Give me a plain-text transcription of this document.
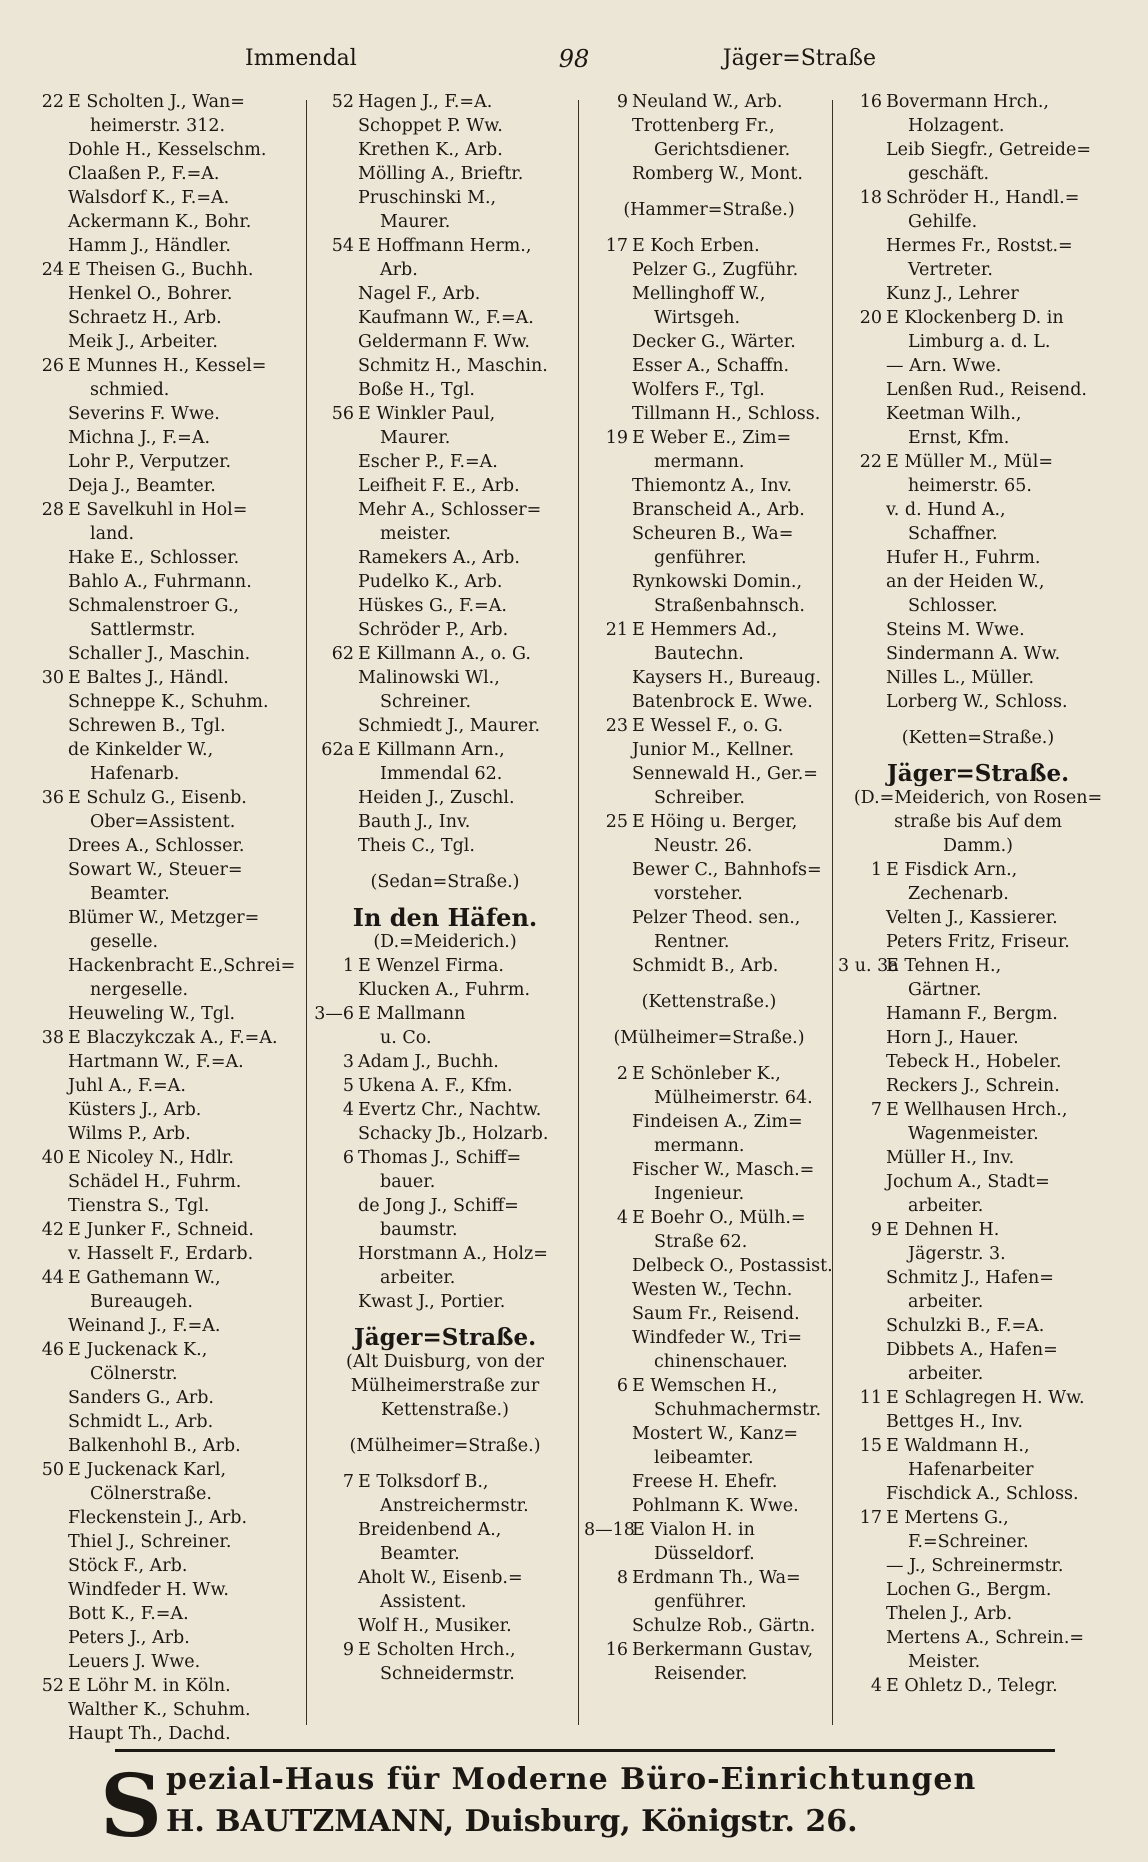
Immendal	98	Jäger=Straße
22 E Scholten J., Wan=
heimerstr. 312.
Dohle H., Kesselschm.
Claaßen P., F.=A.
Walsdorf K., F.=A.
Ackermann K., Bohr.
Hamm J., Händler.
24 E Theisen G., Buchh.
Henkel O., Bohrer.
Schraetz H., Arb.
Meik J., Arbeiter.
26 E Munnes H., Kessel=
schmied.
Severins F. Wwe.
Michna J., F.=A.
Lohr P., Verputzer.
Deja J., Beamter.
28 E Savelkuhl in Hol=
land.
Hake E., Schlosser.
Bahlo A., Fuhrmann.
Schmalenstroer G.,
Sattlermstr.
Schaller J., Maschin.
30 E Baltes J., Händl.
Schneppe K., Schuhm.
Schrewen B., Tgl.
de Kinkelder W.,
Hafenarb.
36 E Schulz G., Eisenb.
Ober=Assistent.
Drees A., Schlosser.
Sowart W., Steuer=
Beamter.
Blümer W., Metzger=
geselle.
Hackenbracht E.,Schrei=
nergeselle.
Heuweling W., Tgl.
38 E Blaczykczak A., F.=A.
Hartmann W., F.=A.
Juhl A., F.=A.
Küsters J., Arb.
Wilms P., Arb.
40 E Nicoley N., Hdlr.
Schädel H., Fuhrm.
Tienstra S., Tgl.
42 E Junker F., Schneid.
v. Hasselt F., Erdarb.
44 E Gathemann W.,
Bureaugeh.
Weinand J., F.=A.
46 E Juckenack K.,
Cölnerstr.
Sanders G., Arb.
Schmidt L., Arb.
Balkenhohl B., Arb.
50 E Juckenack Karl,
Cölnerstraße.
Fleckenstein J., Arb.
Thiel J., Schreiner.
Stöck F., Arb.
Windfeder H. Ww.
Bott K., F.=A.
Peters J., Arb.
Leuers J. Wwe.
52 E Löhr M. in Köln.
Walther K., Schuhm.
Haupt Th., Dachd.
52 Hagen J., F.=A.
Schoppet P. Ww.
Krethen K., Arb.
Mölling A., Brieftr.
Pruschinski M.,
Maurer.
54 E Hoffmann Herm.,
Arb.
Nagel F., Arb.
Kaufmann W., F.=A.
Geldermann F. Ww.
Schmitz H., Maschin.
Boße H., Tgl.
56 E Winkler Paul,
Maurer.
Escher P., F.=A.
Leifheit F. E., Arb.
Mehr A., Schlosser=
meister.
Ramekers A., Arb.
Pudelko K., Arb.
Hüskes G., F.=A.
Schröder P., Arb.
62 E Killmann A., o. G.
Malinowski Wl.,
Schreiner.
Schmiedt J., Maurer.
62a E Killmann Arn.,
Immendal 62.
Heiden J., Zuschl.
Bauth J., Inv.
Theis C., Tgl.
(Sedan=Straße.)
In den Häfen.
(D.=Meiderich.)
1 E Wenzel Firma.
Klucken A., Fuhrm.
3—6 E Mallmann
u. Co.
3 Adam J., Buchh.
5 Ukena A. F., Kfm.
4 Evertz Chr., Nachtw.
Schacky Jb., Holzarb.
6 Thomas J., Schiff=
bauer.
de Jong J., Schiff=
baumstr.
Horstmann A., Holz=
arbeiter.
Kwast J., Portier.
Jäger=Straße.
(Alt Duisburg, von der
Mülheimerstraße zur
Kettenstraße.)
(Mülheimer=Straße.)
7 E Tolksdorf B.,
Anstreichermstr.
Breidenbend A.,
Beamter.
Aholt W., Eisenb.=
Assistent.
Wolf H., Musiker.
9 E Scholten Hrch.,
Schneidermstr.
9 Neuland W., Arb.
Trottenberg Fr.,
Gerichtsdiener.
Romberg W., Mont.
(Hammer=Straße.)
17 E Koch Erben.
Pelzer G., Zugführ.
Mellinghoff W.,
Wirtsgeh.
Decker G., Wärter.
Esser A., Schaffn.
Wolfers F., Tgl.
Tillmann H., Schloss.
19 E Weber E., Zim=
mermann.
Thiemontz A., Inv.
Branscheid A., Arb.
Scheuren B., Wa=
genführer.
Rynkowski Domin.,
Straßenbahnsch.
21 E Hemmers Ad.,
Bautechn.
Kaysers H., Bureaug.
Batenbrock E. Wwe.
23 E Wessel F., o. G.
Junior M., Kellner.
Sennewald H., Ger.=
Schreiber.
25 E Höing u. Berger,
Neustr. 26.
Bewer C., Bahnhofs=
vorsteher.
Pelzer Theod. sen.,
Rentner.
Schmidt B., Arb.
(Kettenstraße.)
(Mülheimer=Straße.)
2 E Schönleber K.,
Mülheimerstr. 64.
Findeisen A., Zim=
mermann.
Fischer W., Masch.=
Ingenieur.
4 E Boehr O., Mülh.=
Straße 62.
Delbeck O., Postassist.
Westen W., Techn.
Saum Fr., Reisend.
Windfeder W., Tri=
chinenschauer.
6 E Wemschen H.,
Schuhmachermstr.
Mostert W., Kanz=
leibeamter.
Freese H. Ehefr.
Pohlmann K. Wwe.
8—18E Vialon H. in
Düsseldorf.
8 Erdmann Th., Wa=
genführer.
Schulze Rob., Gärtn.
16 Berkermann Gustav,
Reisender.
16 Bovermann Hrch.,
Holzagent.
Leib Siegfr., Getreide=
geschäft.
18 Schröder H., Handl.=
Gehilfe.
Hermes Fr., Rostst.=
Vertreter.
Kunz J., Lehrer
20 E Klockenberg D. in
Limburg a. d. L.
— Arn. Wwe.
Lenßen Rud., Reisend.
Keetman Wilh.,
Ernst, Kfm.
22 E Müller M., Mül=
heimerstr. 65.
v. d. Hund A.,
Schaffner.
Hufer H., Fuhrm.
an der Heiden W.,
Schlosser.
Steins M. Wwe.
Sindermann A. Ww.
Nilles L., Müller.
Lorberg W., Schloss.
(Ketten=Straße.)
Jäger=Straße.
(D.=Meiderich, von Rosen=
straße bis Auf dem
Damm.)
1 E Fisdick Arn.,
Zechenarb.
Velten J., Kassierer.
Peters Fritz, Friseur.
3 u. 3aE Tehnen H.,
Gärtner.
Hamann F., Bergm.
Horn J., Hauer.
Tebeck H., Hobeler.
Reckers J., Schrein.
7 E Wellhausen Hrch.,
Wagenmeister.
Müller H., Inv.
Jochum A., Stadt=
arbeiter.
9 E Dehnen H.
Jägerstr. 3.
Schmitz J., Hafen=
arbeiter.
Schulzki B., F.=A.
Dibbets A., Hafen=
arbeiter.
11 E Schlagregen H. Ww.
Bettges H., Inv.
15 E Waldmann H.,
Hafenarbeiter
Fischdick A., Schloss.
17 E Mertens G.,
F.=Schreiner.
— J., Schreinermstr.
Lochen G., Bergm.
Thelen J., Arb.
Mertens A., Schrein.=
Meister.
4 E Ohletz D., Telegr.
S pezial-Haus für Moderne Büro-Einrichtungen
H. BAUTZMANN, Duisburg, Königstr. 26.
